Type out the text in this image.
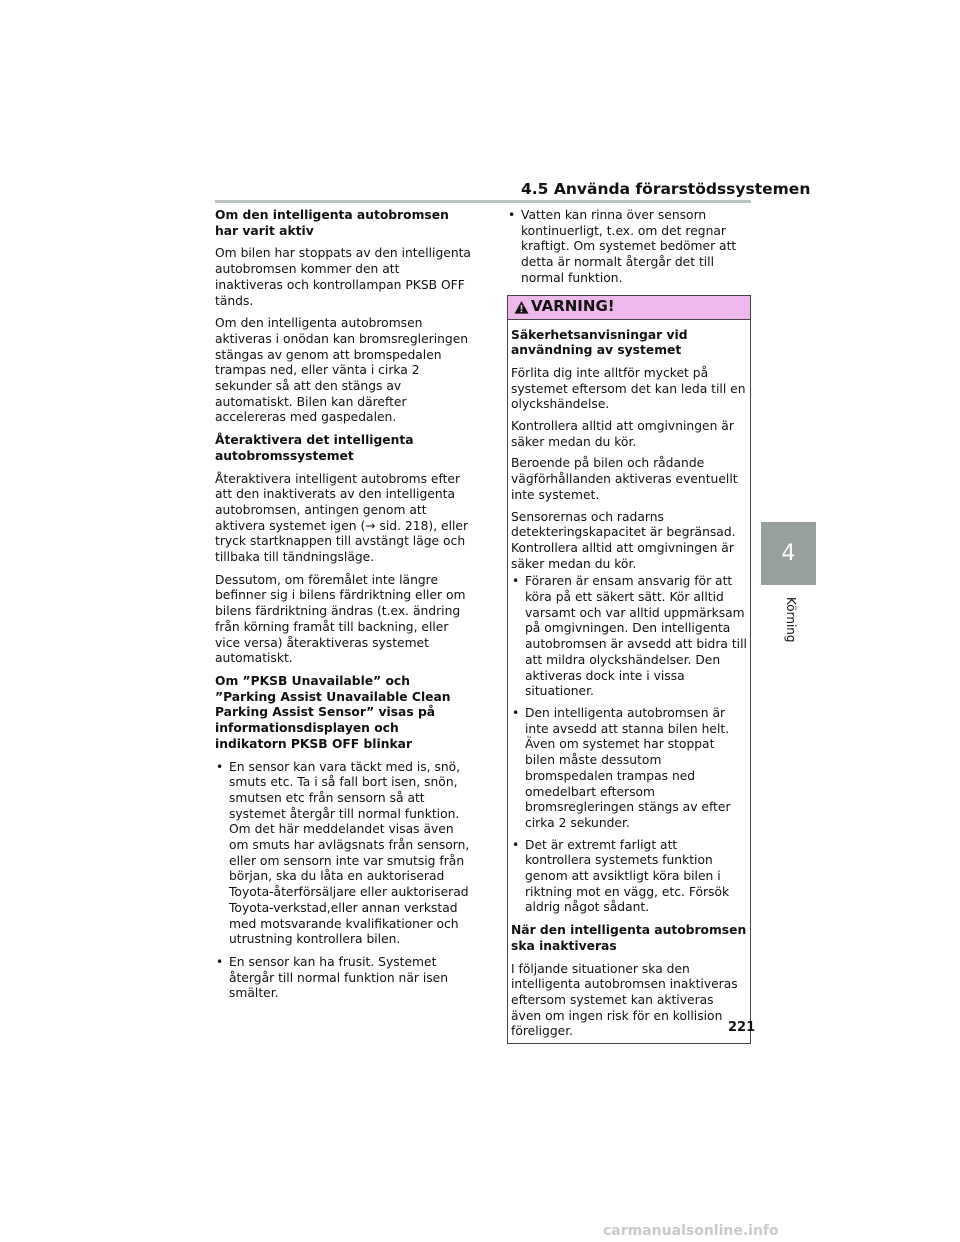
4.5 Använda förarstödssystemen

Om den intelligenta autobromsen har varit aktiv

Om bilen har stoppats av den intelligenta autobromsen kommer den att inaktiveras och kontrollampan PKSB OFF tänds.

Om den intelligenta autobromsen aktiveras i onödan kan bromsregleringen stängas av genom att bromspedalen trampas ned, eller vänta i cirka 2 sekunder så att den stängs av automatiskt. Bilen kan därefter accelereras med gaspedalen.

Återaktivera det intelligenta autobromssystemet

Återaktivera intelligent autobroms efter att den inaktiverats av den intelligenta autobromsen, antingen genom att aktivera systemet igen (→ sid. 218), eller tryck startknappen till avstängt läge och tillbaka till tändningsläge.

Dessutom, om föremålet inte längre befinner sig i bilens färdriktning eller om bilens färdriktning ändras (t.ex. ändring från körning framåt till backning, eller vice versa) återaktiveras systemet automatiskt.

Om ”PKSB Unavailable” och ”Parking Assist Unavailable Clean Parking Assist Sensor” visas på informationsdisplayen och indikatorn PKSB OFF blinkar

• En sensor kan vara täckt med is, snö, smuts etc. Ta i så fall bort isen, snön, smutsen etc från sensorn så att systemet återgår till normal funktion. Om det här meddelandet visas även om smuts har avlägsnats från sensorn, eller om sensorn inte var smutsig från början, ska du låta en auktoriserad Toyota-återförsäljare eller auktoriserad Toyota-verkstad,eller annan verkstad med motsvarande kvalifikationer och utrustning kontrollera bilen.
• En sensor kan ha frusit. Systemet återgår till normal funktion när isen smälter.
• Vatten kan rinna över sensorn kontinuerligt, t.ex. om det regnar kraftigt. Om systemet bedömer att detta är normalt återgår det till normal funktion.
VARNING!

Säkerhetsanvisningar vid användning av systemet

Förlita dig inte alltför mycket på systemet eftersom det kan leda till en olyckshändelse.

Kontrollera alltid att omgivningen är säker medan du kör.

Beroende på bilen och rådande vägförhållanden aktiveras eventuellt inte systemet.

Sensorernas och radarns detekteringskapacitet är begränsad. Kontrollera alltid att omgivningen är säker medan du kör.

• Föraren är ensam ansvarig för att köra på ett säkert sätt. Kör alltid varsamt och var alltid uppmärksam på omgivningen. Den intelligenta autobromsen är avsedd att bidra till att mildra olyckshändelser. Den aktiveras dock inte i vissa situationer.
• Den intelligenta autobromsen är inte avsedd att stanna bilen helt. Även om systemet har stoppat bilen måste dessutom bromspedalen trampas ned omedelbart eftersom bromsregleringen stängs av efter cirka 2 sekunder.
• Det är extremt farligt att kontrollera systemets funktion genom att avsiktligt köra bilen i riktning mot en vägg, etc. Försök aldrig något sådant.

När den intelligenta autobromsen ska inaktiveras

I följande situationer ska den intelligenta autobromsen inaktiveras eftersom systemet kan aktiveras även om ingen risk för en kollision föreligger.

4
Körning
221
carmanualsonline.info
